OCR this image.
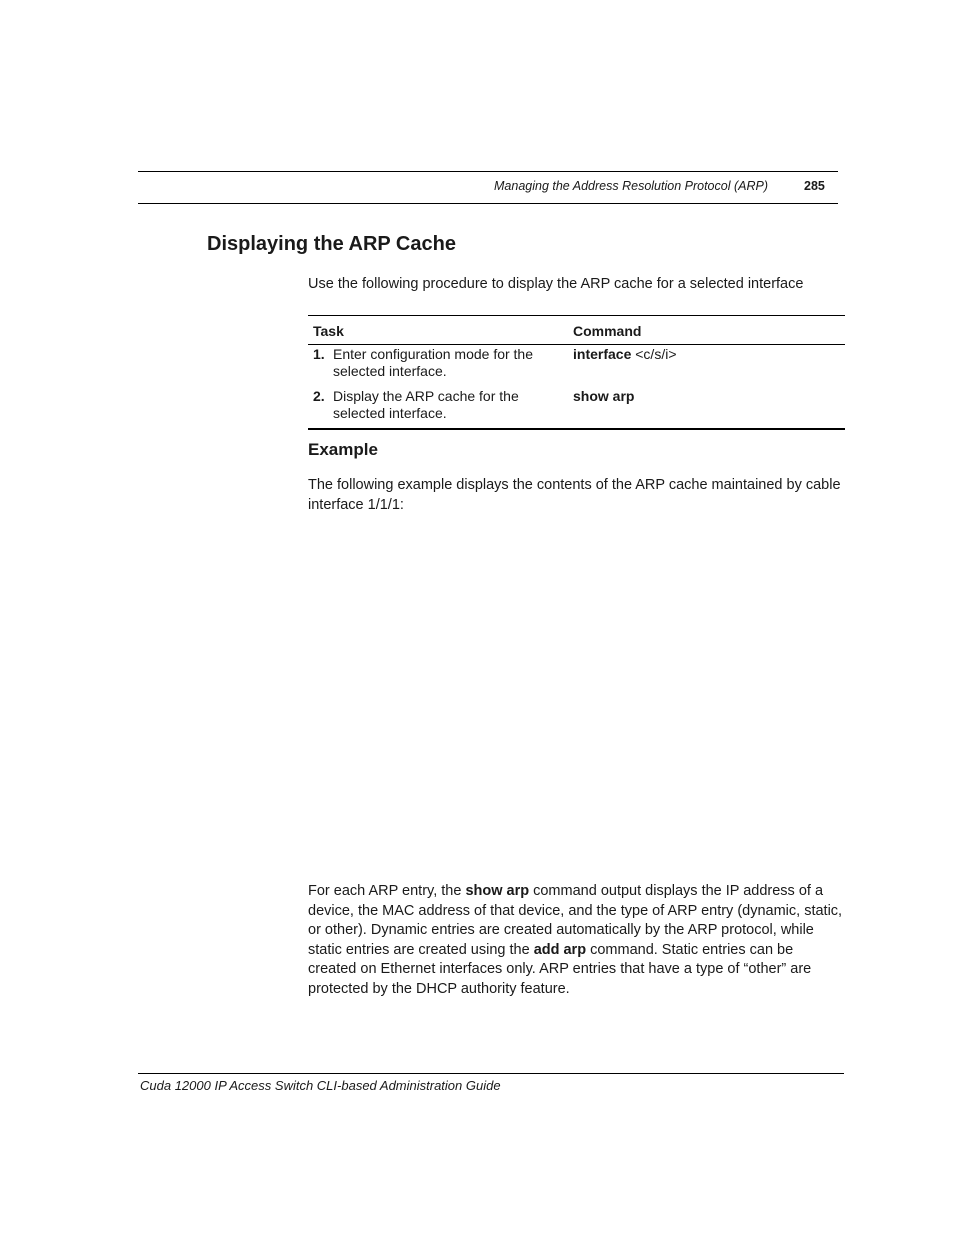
Managing the Address Resolution Protocol (ARP)	285
Displaying the ARP Cache

Use the following procedure to display the ARP cache for a selected interface

Task	Command
1. Enter configuration mode for the
selected interface.
interface <c/s/i>
2. Display the ARP cache for the
selected interface.
show arp
Example

The following example displays the contents of the ARP cache maintained by cable interface 1/1/1:

For each ARP entry, the show arp command output displays the IP address of a device, the MAC address of that device, and the type of ARP entry (dynamic, static, or other). Dynamic entries are created automatically by the ARP protocol, while static entries are created using the add arp command. Static entries can be created on Ethernet interfaces only. ARP entries that have a type of “other” are protected by the DHCP authority feature.

Cuda 12000 IP Access Switch CLI-based Administration Guide
